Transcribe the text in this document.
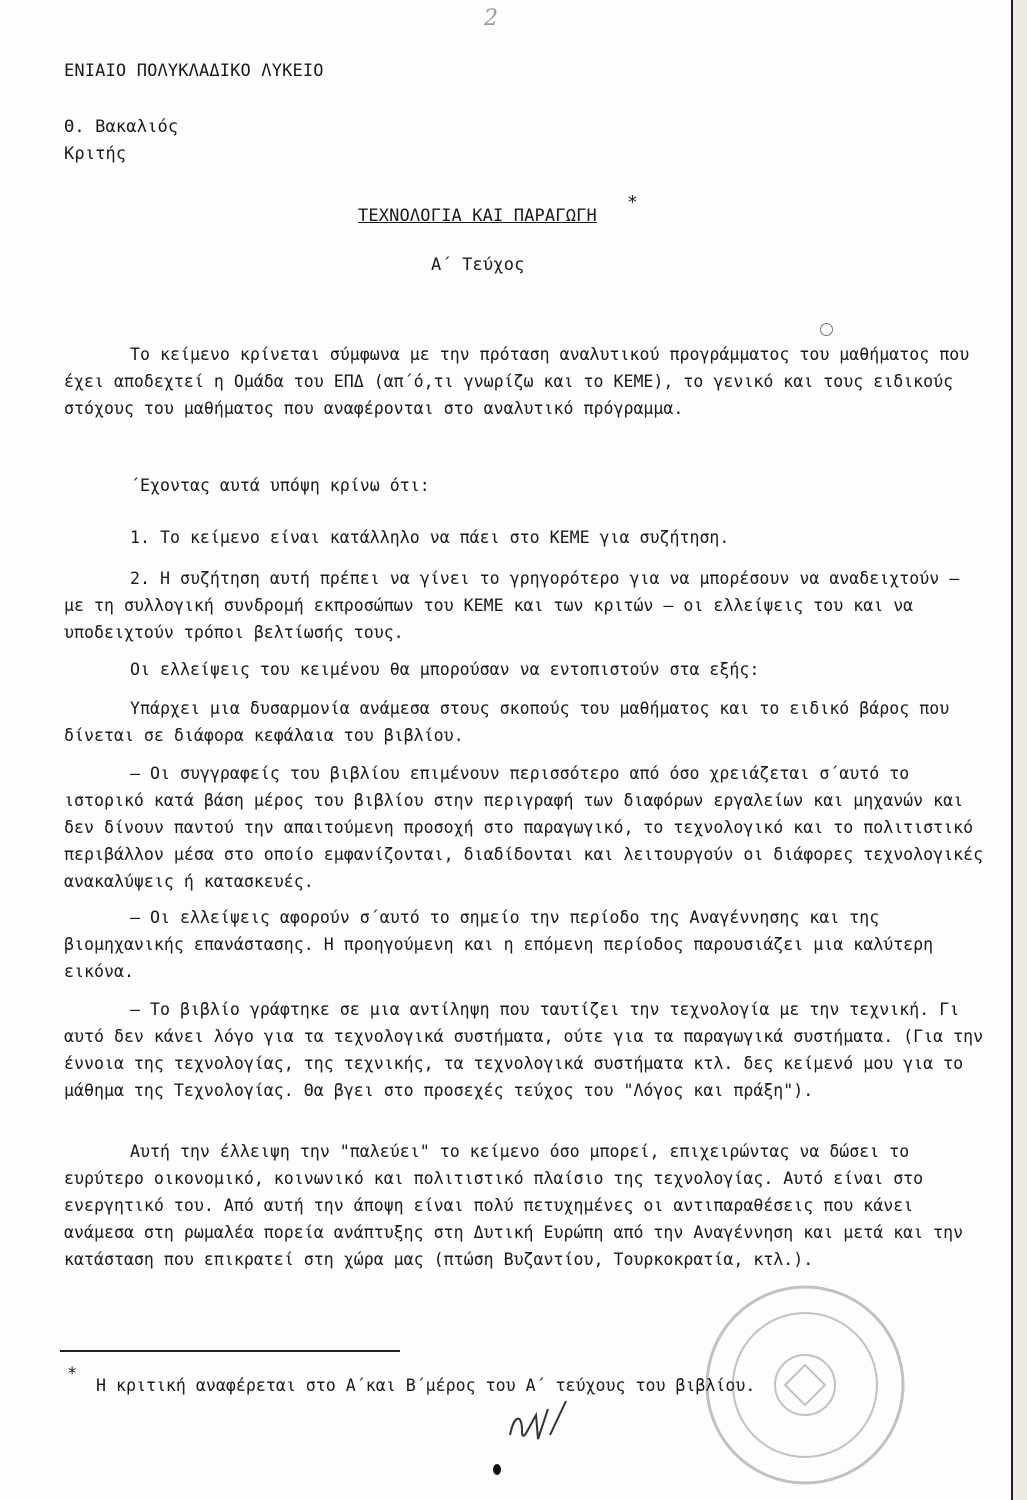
2
ΕΝΙΑΙΟ ΠΟΛΥΚΛΑΔΙΚΟ ΛΥΚΕΙΟ
Θ. Βακαλιός
Κριτής
ΤΕΧΝΟΛΟΓΙΑ ΚΑΙ ΠΑΡΑΓΩΓΗ
*
Α΄ Τεύχος

Το κείμενο κρίνεται σύμφωνα με την πρόταση αναλυτικού προγράμματος του μαθήματος που έχει αποδεχτεί η Ομάδα του ΕΠΔ (απ΄ό,τι γνωρίζω και το ΚΕΜΕ), το γενικό και τους ειδικούς στόχους του μαθήματος που αναφέρονται στο αναλυτικό πρόγραμμα.

΄Εχοντας αυτά υπόψη κρίνω ότι:

1. Το κείμενο είναι κατάλληλο να πάει στο ΚΕΜΕ για συζήτηση.

2. Η συζήτηση αυτή πρέπει να γίνει το γρηγορότερο για να μπορέσουν να αναδειχτούν – με τη συλλογική συνδρομή εκπροσώπων του ΚΕΜΕ και των κριτών – οι ελλείψεις του και να υποδειχτούν τρόποι βελτίωσής τους.

Οι ελλείψεις του κειμένου θα μπορούσαν να εντοπιστούν στα εξής:

Υπάρχει μια δυσαρμονία ανάμεσα στους σκοπούς του μαθήματος και το ειδικό βάρος που δίνεται σε διάφορα κεφάλαια του βιβλίου.

– Οι συγγραφείς του βιβλίου επιμένουν περισσότερο από όσο χρειάζεται σ΄αυτό το ιστορικό κατά βάση μέρος του βιβλίου στην περιγραφή των διαφόρων εργαλείων και μηχανών και δεν δίνουν παντού την απαιτούμενη προσοχή στο παραγωγικό, το τεχνολογικό και το πολιτιστικό περιβάλλον μέσα στο οποίο εμφανίζονται, διαδίδονται και λειτουργούν οι διάφορες τεχνολογικές ανακαλύψεις ή κατασκευές.

– Οι ελλείψεις αφορούν σ΄αυτό το σημείο την περίοδο της Αναγέννησης και της βιομηχανικής επανάστασης. Η προηγούμενη και η επόμενη περίοδος παρουσιάζει μια καλύτερη εικόνα.

– Το βιβλίο γράφτηκε σε μια αντίληψη που ταυτίζει την τεχνολογία με την τεχνική. Γι αυτό δεν κάνει λόγο για τα τεχνολογικά συστήματα, ούτε για τα παραγωγικά συστήματα. (Για την έννοια της τεχνολογίας, της τεχνικής, τα τεχνολογικά συστήματα κτλ. δες κείμενό μου για το μάθημα της Τεχνολογίας. Θα βγει στο προσεχές τεύχος του "Λόγος και πράξη").

Αυτή την έλλειψη την "παλεύει" το κείμενο όσο μπορεί, επιχειρώντας να δώσει το ευρύτερο οικονομικό, κοινωνικό και πολιτιστικό πλαίσιο της τεχνολογίας. Αυτό είναι στο ενεργητικό του. Από αυτή την άποψη είναι πολύ πετυχημένες οι αντιπαραθέσεις που κάνει ανάμεσα στη ρωμαλέα πορεία ανάπτυξης στη Δυτική Ευρώπη από την Αναγέννηση και μετά και την κατάσταση που επικρατεί στη χώρα μας (πτώση Βυζαντίου, Τουρκοκρατία, κτλ.).

*
Η κριτική αναφέρεται στο Α΄και Β΄μέρος του Α΄ τεύχους του βιβλίου.
